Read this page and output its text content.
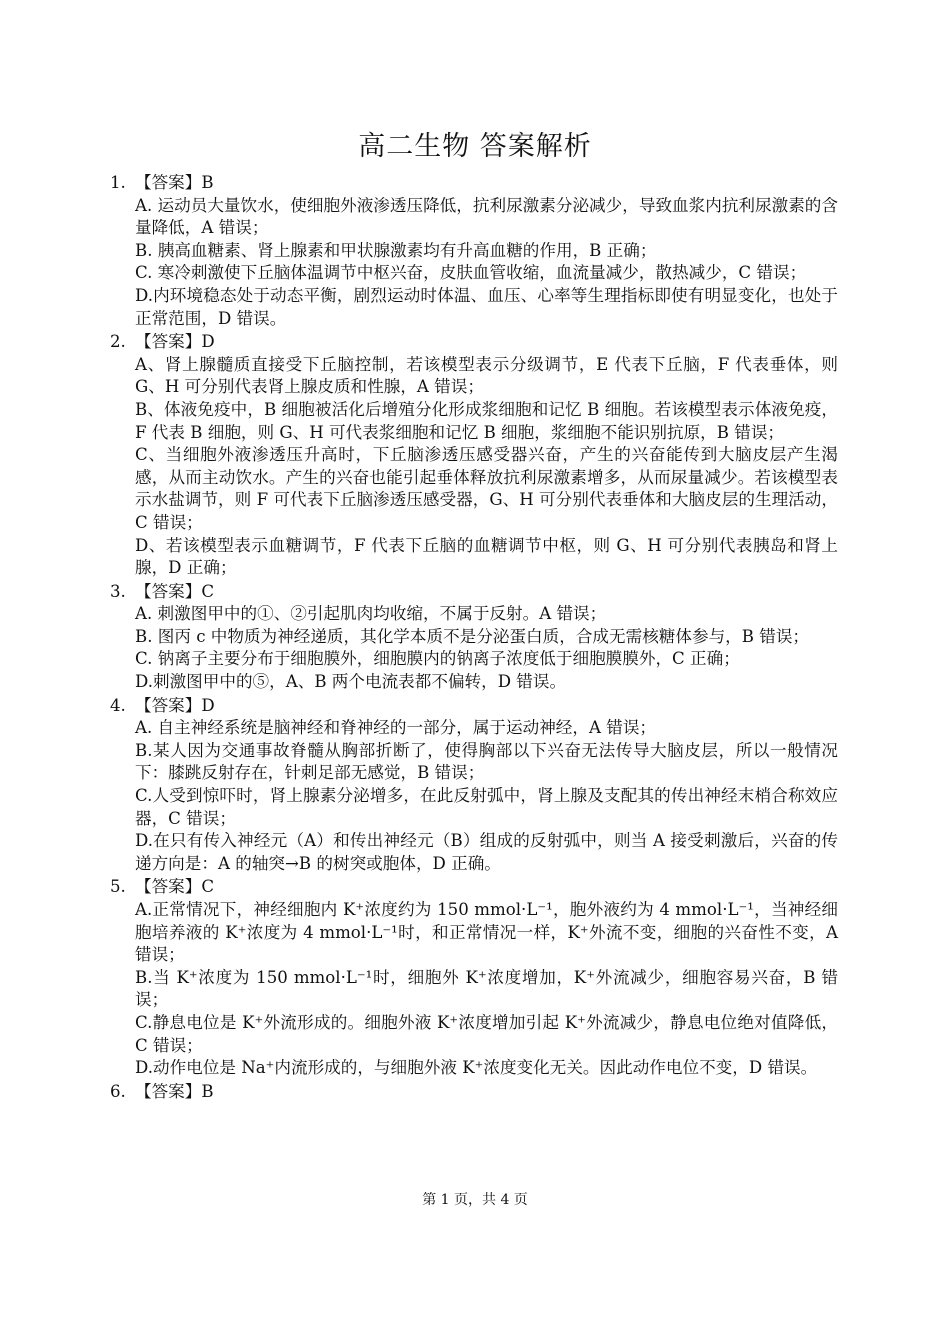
高二生物 答案解析
1. 【答案】B
A. 运动员大量饮水，使细胞外液渗透压降低，抗利尿激素分泌减少，导致血浆内抗利尿激素的含量降低，A 错误；
B. 胰高血糖素、肾上腺素和甲状腺激素均有升高血糖的作用，B 正确；
C. 寒冷刺激使下丘脑体温调节中枢兴奋，皮肤血管收缩，血流量减少，散热减少，C 错误；
D.内环境稳态处于动态平衡，剧烈运动时体温、血压、心率等生理指标即使有明显变化，也处于正常范围，D 错误。
2. 【答案】D
A、肾上腺髓质直接受下丘脑控制，若该模型表示分级调节，E 代表下丘脑，F 代表垂体，则 G、H 可分别代表肾上腺皮质和性腺，A 错误；
B、体液免疫中，B 细胞被活化后增殖分化形成浆细胞和记忆 B 细胞。若该模型表示体液免疫，F 代表 B 细胞，则 G、H 可代表浆细胞和记忆 B 细胞，浆细胞不能识别抗原，B 错误；
C、当细胞外液渗透压升高时，下丘脑渗透压感受器兴奋，产生的兴奋能传到大脑皮层产生渴感，从而主动饮水。产生的兴奋也能引起垂体释放抗利尿激素增多，从而尿量减少。若该模型表示水盐调节，则 F 可代表下丘脑渗透压感受器，G、H 可分别代表垂体和大脑皮层的生理活动，C 错误；
D、若该模型表示血糖调节，F 代表下丘脑的血糖调节中枢，则 G、H 可分别代表胰岛和肾上腺，D 正确；
3. 【答案】C
A. 刺激图甲中的①、②引起肌肉均收缩，不属于反射。A 错误；
B. 图丙 c 中物质为神经递质，其化学本质不是分泌蛋白质，合成无需核糖体参与，B 错误；
C. 钠离子主要分布于细胞膜外，细胞膜内的钠离子浓度低于细胞膜膜外，C 正确；
D.刺激图甲中的⑤，A、B 两个电流表都不偏转，D 错误。
4. 【答案】D
A. 自主神经系统是脑神经和脊神经的一部分，属于运动神经，A 错误；
B.某人因为交通事故脊髓从胸部折断了，使得胸部以下兴奋无法传导大脑皮层，所以一般情况下：膝跳反射存在，针刺足部无感觉，B 错误；
C.人受到惊吓时，肾上腺素分泌增多，在此反射弧中，肾上腺及支配其的传出神经末梢合称效应器，C 错误；
D.在只有传入神经元（A）和传出神经元（B）组成的反射弧中，则当 A 接受刺激后，兴奋的传递方向是：A 的轴突→B 的树突或胞体，D 正确。
5. 【答案】C
A.正常情况下，神经细胞内 K⁺浓度约为 150 mmol·L⁻¹，胞外液约为 4 mmol·L⁻¹，当神经细胞培养液的 K⁺浓度为 4 mmol·L⁻¹时，和正常情况一样，K⁺外流不变，细胞的兴奋性不变，A 错误；
B.当 K⁺浓度为 150 mmol·L⁻¹时，细胞外 K⁺浓度增加，K⁺外流减少，细胞容易兴奋，B 错误；
C.静息电位是 K⁺外流形成的。细胞外液 K⁺浓度增加引起 K⁺外流减少，静息电位绝对值降低，C 错误；
D.动作电位是 Na⁺内流形成的，与细胞外液 K⁺浓度变化无关。因此动作电位不变，D 错误。
6. 【答案】B
第 1 页，共 4 页
